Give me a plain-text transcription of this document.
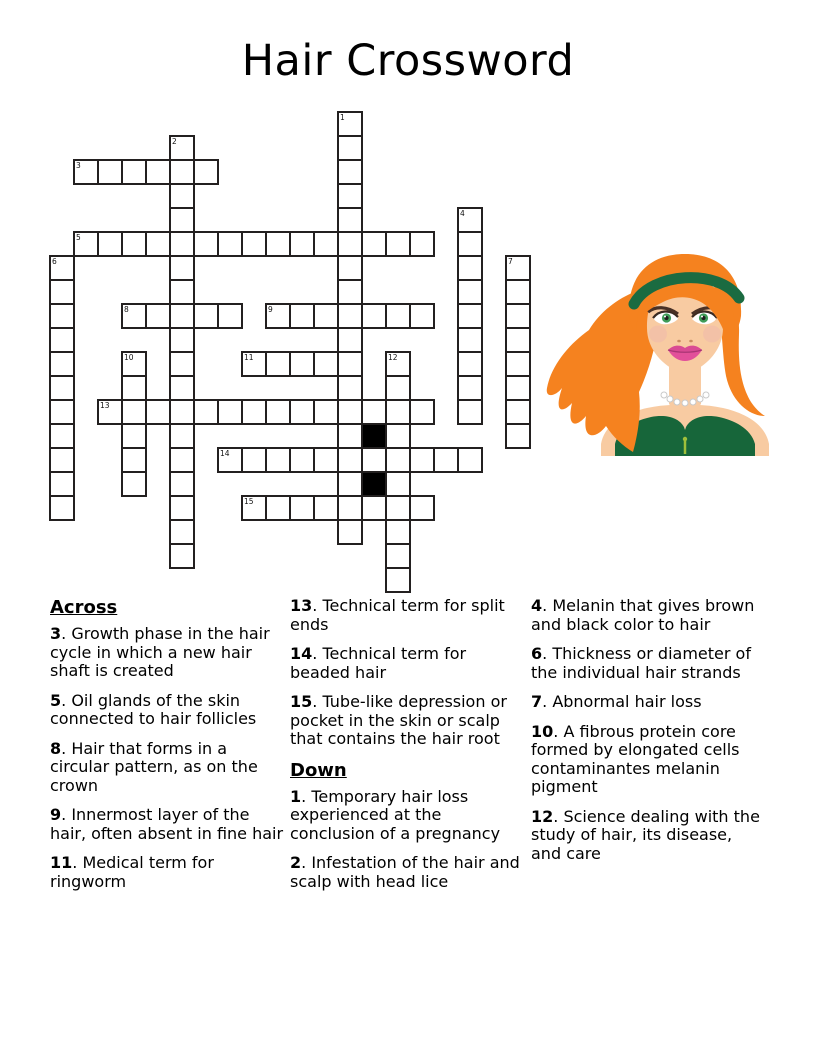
Hair Crossword
3
5
8	9
11
13
14
15
1
2
4
6	7
10	12
Across

3. Growth phase in the hair cycle in which a new hair shaft is created

5. Oil glands of the skin connected to hair follicles

8. Hair that forms in a circular pattern, as on the crown

9. Innermost layer of the hair, often absent in fine hair

11. Medical term for ringworm

13. Technical term for split ends

14. Technical term for beaded hair

15. Tube-like depression or pocket in the skin or scalp that contains the hair root

Down

1. Temporary hair loss experienced at the conclusion of a pregnancy

2. Infestation of the hair and scalp with head lice

4. Melanin that gives brown and black color to hair

6. Thickness or diameter of the individual hair strands

7. Abnormal hair loss

10. A fibrous protein core formed by elongated cells contaminantes melanin pigment

12. Science dealing with the study of hair, its disease, and care
